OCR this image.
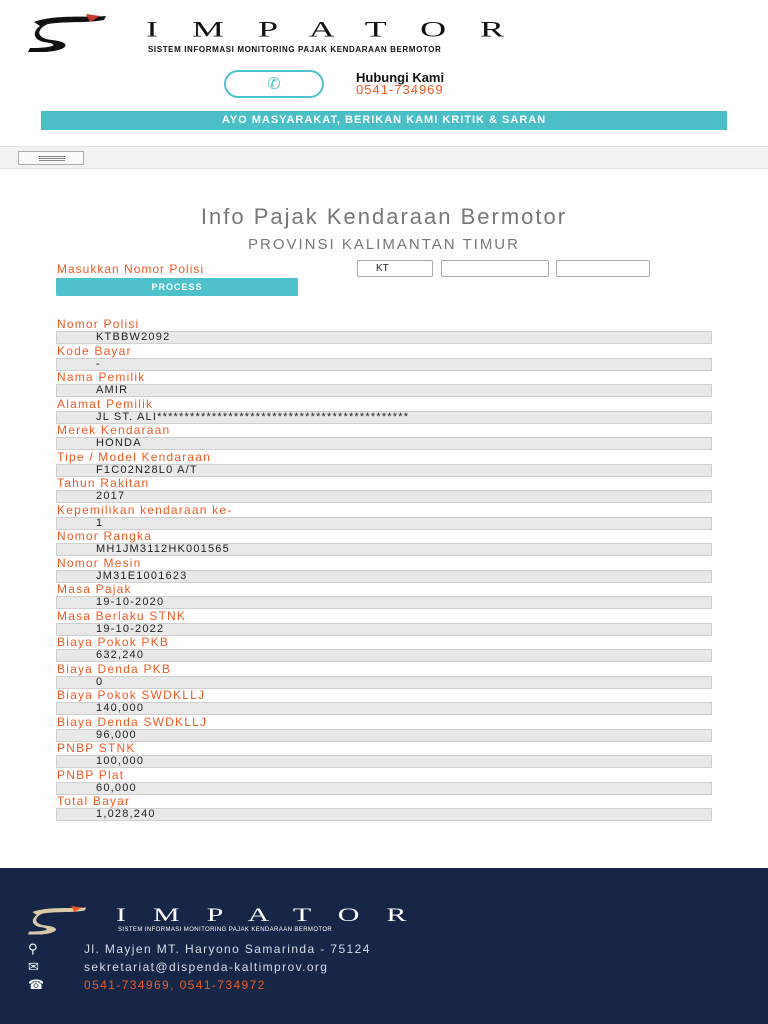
IMPATOR
SISTEM INFORMASI MONITORING PAJAK KENDARAAN BERMOTOR
✆	Hubungi Kami
0541-734969
AYO MASYARAKAT, BERIKAN KAMI KRITIK & SARAN
Info Pajak Kendaraan Bermotor
PROVINSI KALIMANTAN TIMUR
Masukkan Nomor Polisi	KT
PROCESS
Nomor Polisi
KTBBW2092
Kode Bayar
-
Nama Pemilik
AMIR
Alamat Pemilik
JL ST. ALI**********************************************
Merek Kendaraan
HONDA
Tipe / Model Kendaraan
F1C02N28L0 A/T
Tahun Rakitan
2017
Kepemilikan kendaraan ke-
1
Nomor Rangka
MH1JM3112HK001565
Nomor Mesin
JM31E1001623
Masa Pajak
19-10-2020
Masa Berlaku STNK
19-10-2022
Biaya Pokok PKB
632,240
Biaya Denda PKB
0
Biaya Pokok SWDKLLJ
140,000
Biaya Denda SWDKLLJ
96,000
PNBP STNK
100,000
PNBP Plat
60,000
Total Bayar
1,028,240
IMPATOR
SISTEM INFORMASI MONITORING PAJAK KENDARAAN BERMOTOR
⚲	Jl. Mayjen MT. Haryono Samarinda - 75124
✉	sekretariat@dispenda-kaltimprov.org
☎	0541-734969, 0541-734972
